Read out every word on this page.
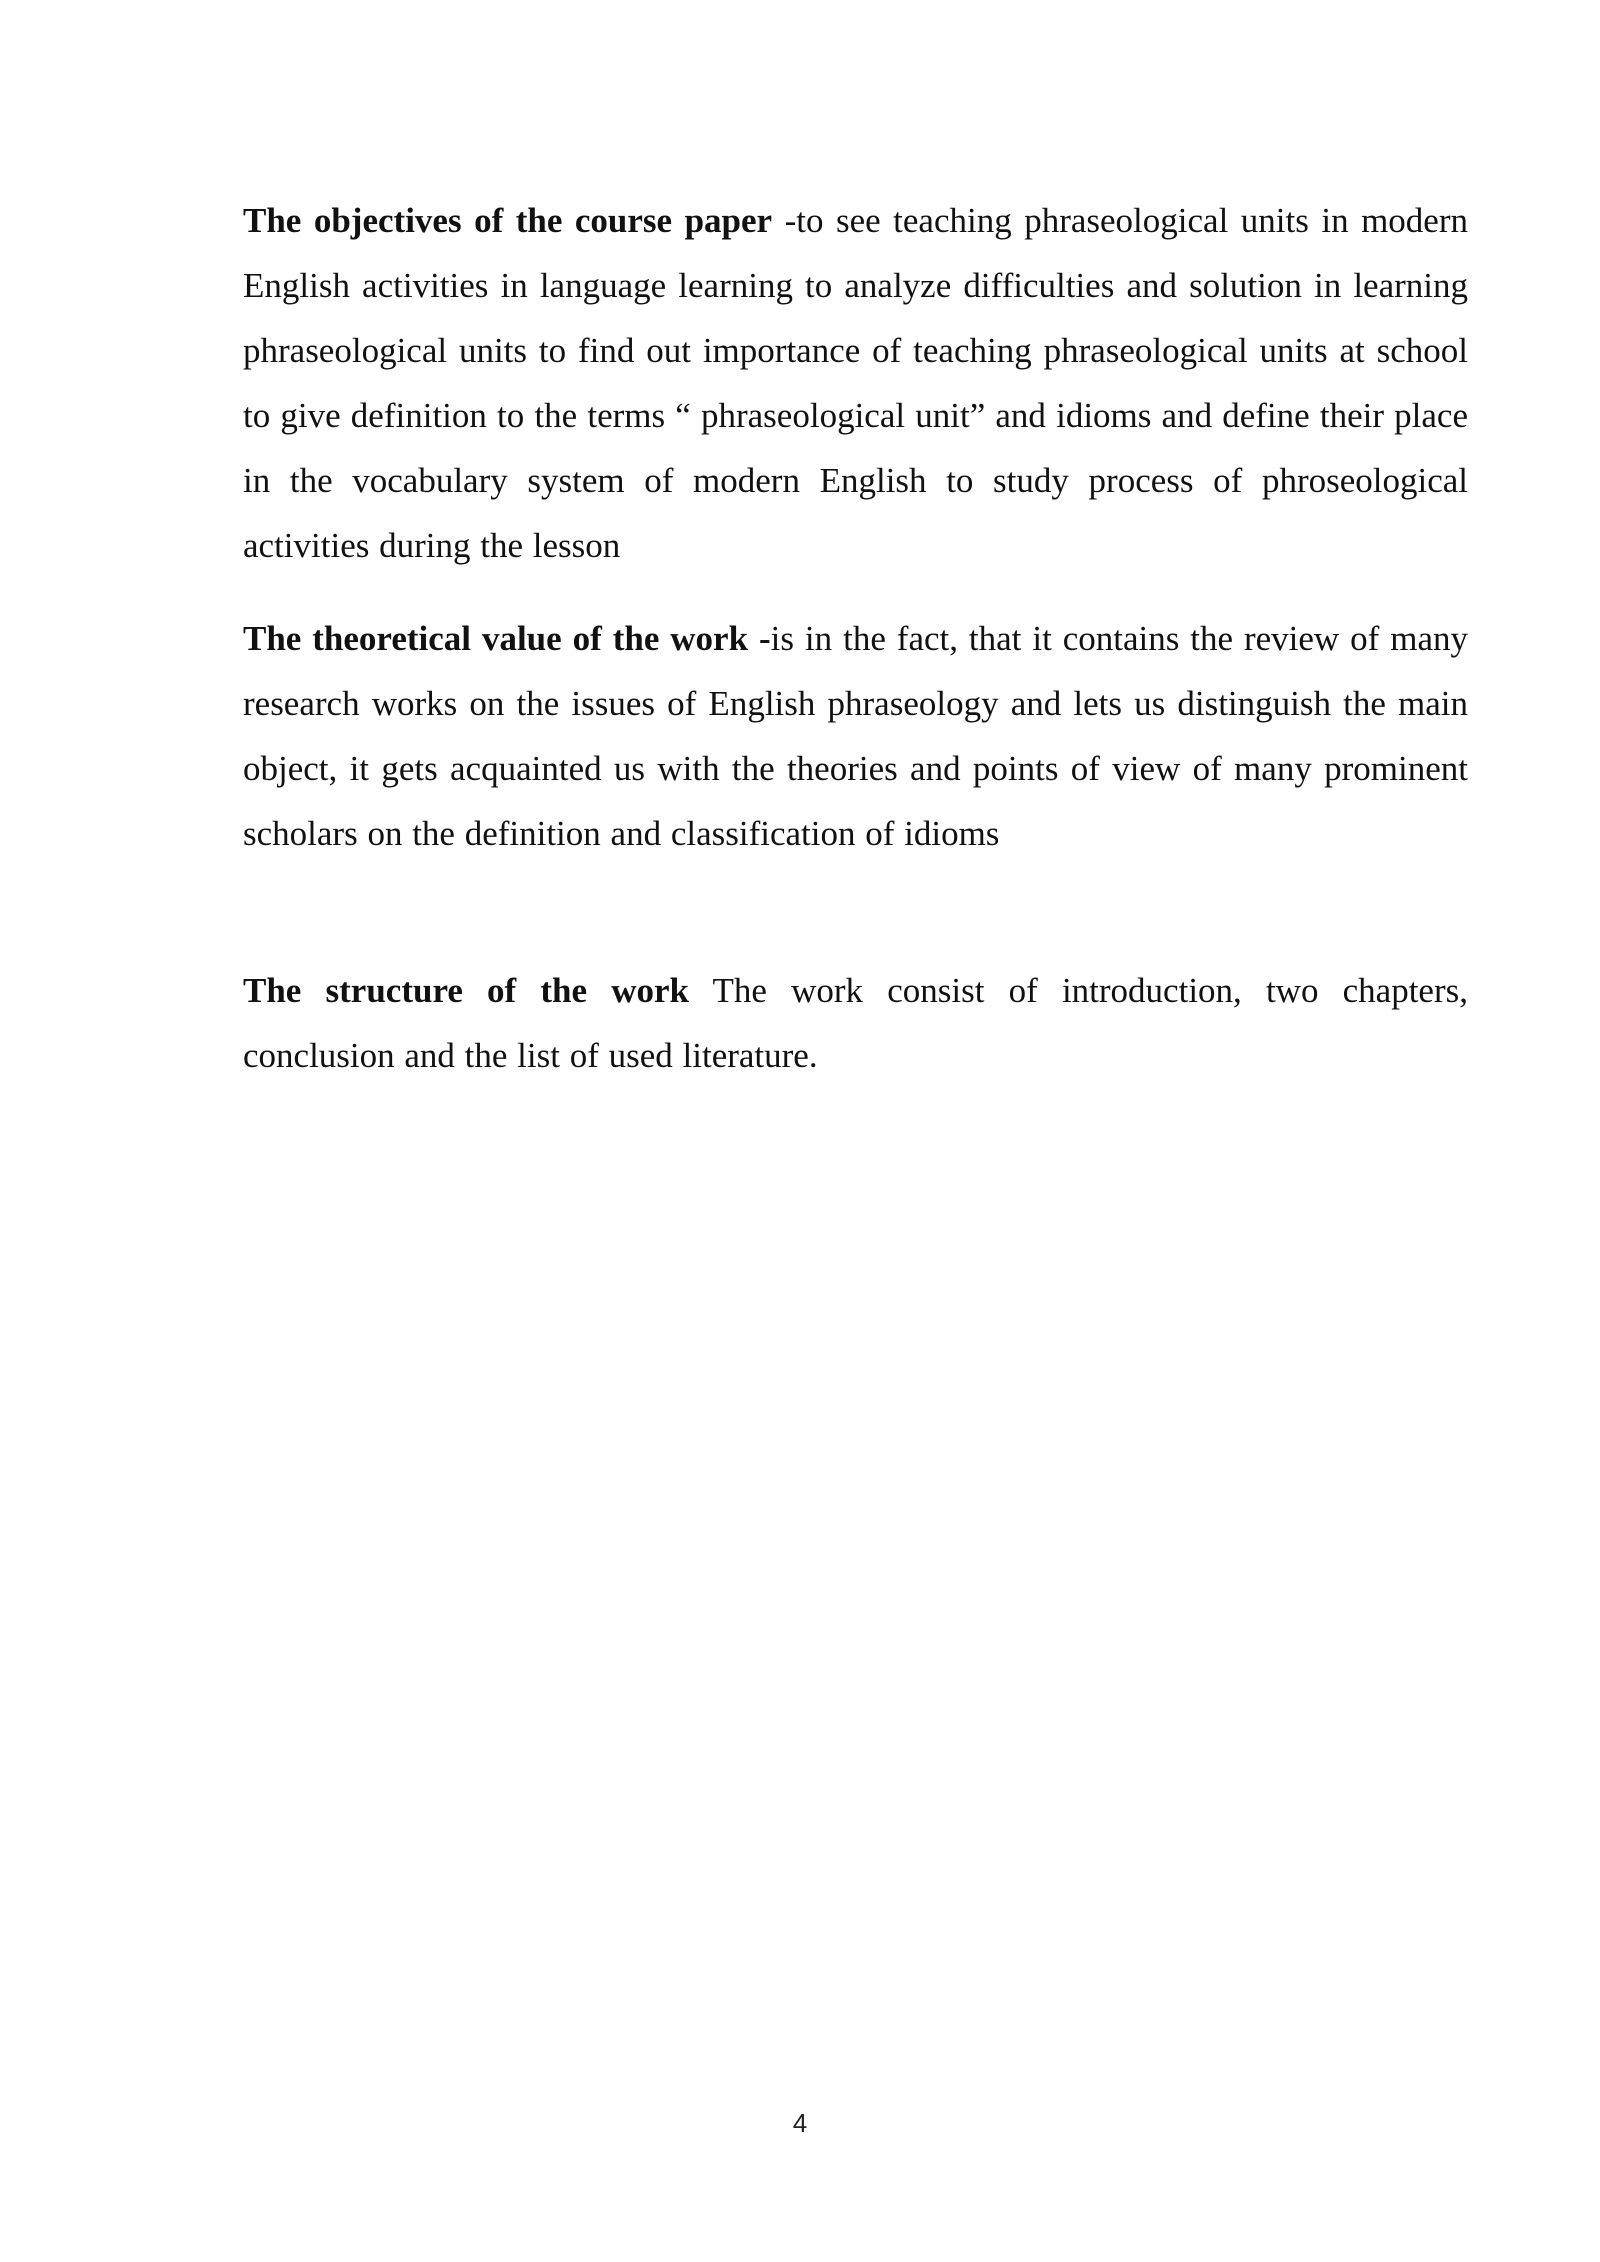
The objectives of the course paper -to see teaching phraseological units in modern English activities in language learning to analyze difficulties and solution in learning phraseological units to find out importance of teaching phraseological units at school to give definition to the terms “ phraseological unit” and idioms and define their place in the vocabulary system of modern English to study process of phroseological activities during the lesson

The theoretical value of the work -is in the fact, that it contains the review of many research works on the issues of English phraseology and lets us distinguish the main object, it gets acquainted us with the theories and points of view of many prominent scholars on the definition and classification of idioms

The structure of the work The work consist of introduction, two chapters, conclusion and the list of used literature.

4
